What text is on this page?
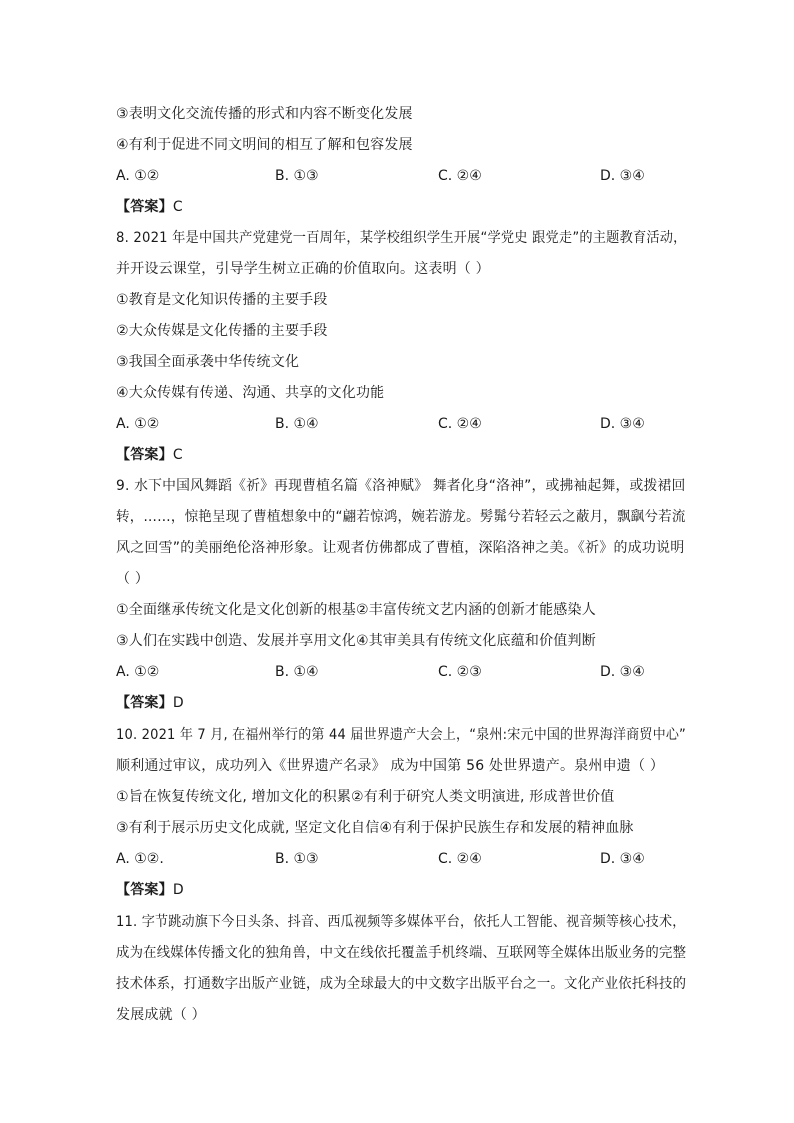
③表明文化交流传播的形式和内容不断变化发展
④有利于促进不同文明间的相互了解和包容发展
A. ①②	B. ①③	C. ②④	D. ③④
【答案】C
8. 2021 年是中国共产党建党一百周年，某学校组织学生开展“学党史 跟党走”的主题教育活动，
并开设云课堂，引导学生树立正确的价值取向。这表明（ ）
①教育是文化知识传播的主要手段
②大众传媒是文化传播的主要手段
③我国全面承袭中华传统文化
④大众传媒有传递、沟通、共享的文化功能
A. ①②	B. ①④	C. ②④	D. ③④
【答案】C
9. 水下中国风舞蹈《祈》再现曹植名篇《洛神赋》 舞者化身“洛神”，或拂袖起舞，或拨裙回
转，……，惊艳呈现了曹植想象中的“翩若惊鸿，婉若游龙。髣髴兮若轻云之蔽月，飘飖兮若流
风之回雪”的美丽绝伦洛神形象。让观者仿佛都成了曹植，深陷洛神之美。《祈》的成功说明
（ ）
①全面继承传统文化是文化创新的根基②丰富传统文艺内涵的创新才能感染人
③人们在实践中创造、发展并享用文化④其审美具有传统文化底蕴和价值判断
A. ①②	B. ①④	C. ②③	D. ③④
【答案】D
10. 2021 年 7 月, 在福州举行的第 44 届世界遗产大会上，“泉州:宋元中国的世界海洋商贸中心”
顺利通过审议，成功列入《世界遗产名录》 成为中国第 56 处世界遗产。泉州申遗（ ）
①旨在恢复传统文化, 增加文化的积累②有利于研究人类文明演进, 形成普世价值
③有利于展示历史文化成就, 坚定文化自信④有利于保护民族生存和发展的精神血脉
A. ①②.	B. ①③	C. ②④	D. ③④
【答案】D
11. 字节跳动旗下今日头条、抖音、西瓜视频等多媒体平台，依托人工智能、视音频等核心技术，
成为在线媒体传播文化的独角兽，中文在线依托覆盖手机终端、互联网等全媒体出版业务的完整
技术体系，打通数字出版产业链，成为全球最大的中文数字出版平台之一。文化产业依托科技的
发展成就（ ）
